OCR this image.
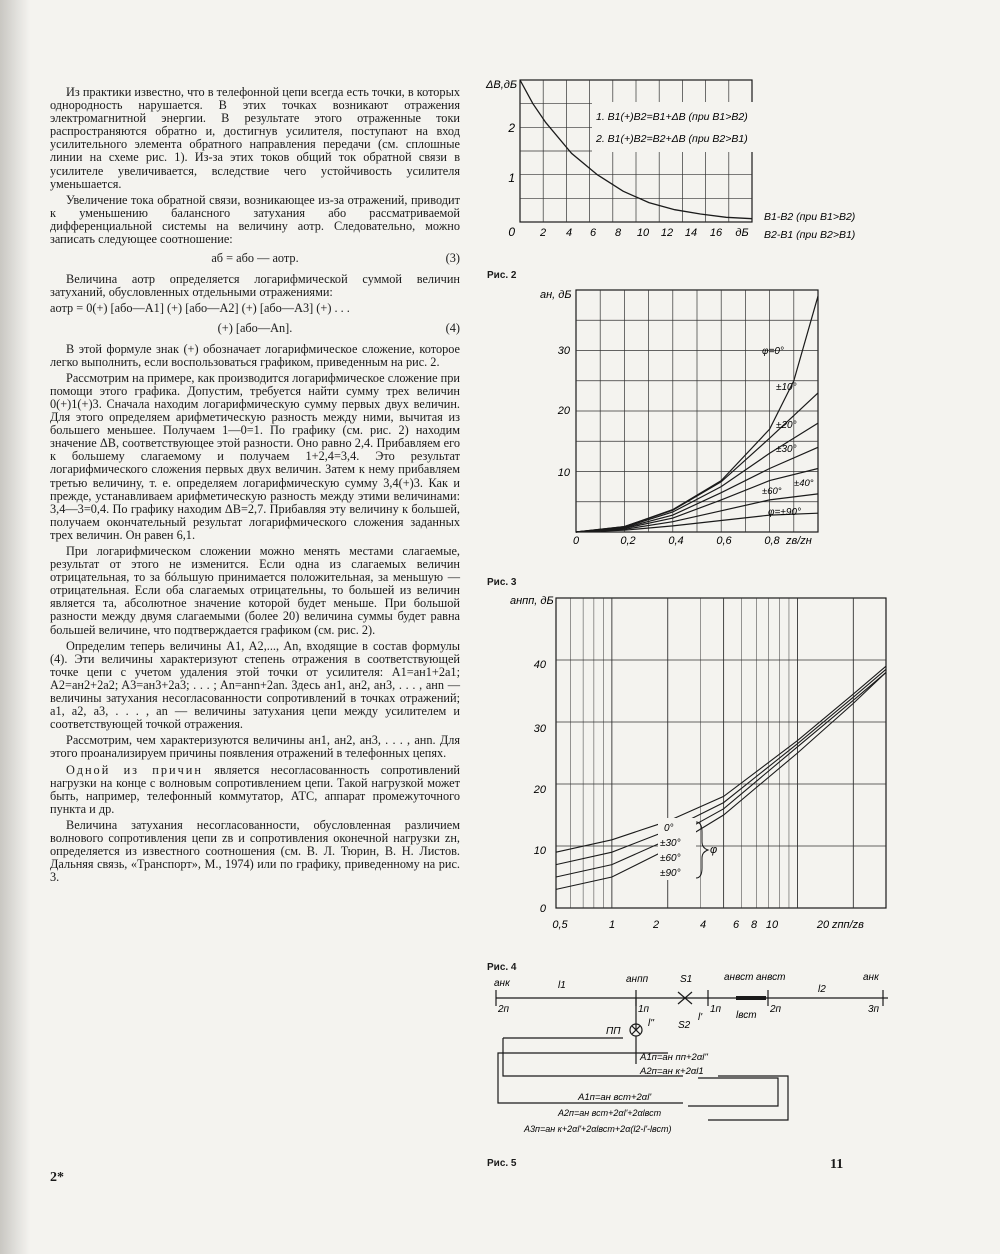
Из практики известно, что в телефонной цепи всегда есть точки, в которых однородность нарушается. В этих точках возникают отражения электромагнитной энергии. В результате этого отраженные токи распространяются обратно и, достигнув усилителя, поступают на вход усилительного элемента обратного направления передачи (см. сплошные линии на схеме рис. 1). Из-за этих токов общий ток обратной связи в усилителе увеличивается, вследствие чего устойчивость усилителя уменьшается.

Увеличение тока обратной связи, возникающее из-за отражений, приводит к уменьшению балансного затухания aбо рассматриваемой дифференциальной системы на величину aотр. Следовательно, можно записать следующее соотношение:

aб = aбо — aотр.	(3)

Величина aотр определяется логарифмической суммой величин затуханий, обусловленных отдельными отражениями:

aотр = 0(+) [aбо—A1] (+) [aбо—A2] (+) [aбо—A3] (+) . . .

(+) [aбо—An].	(4)

В этой формуле знак (+) обозначает логарифмическое сложение, которое легко выполнить, если воспользоваться графиком, приведенным на рис. 2.

Рассмотрим на примере, как производится логарифмическое сложение при помощи этого графика. Допустим, требуется найти сумму трех величин 0(+)1(+)3. Сначала находим логарифмическую сумму первых двух величин. Для этого определяем арифметическую разность между ними, вычитая из большего меньшее. Получаем 1—0=1. По графику (см. рис. 2) находим значение ΔB, соответствующее этой разности. Оно равно 2,4. Прибавляем его к большему слагаемому и получаем 1+2,4=3,4. Это результат логарифмического сложения первых двух величин. Затем к нему прибавляем третью величину, т. е. определяем логарифмическую сумму 3,4(+)3. Как и прежде, устанавливаем арифметическую разность между этими величинами: 3,4—3=0,4. По графику находим ΔB=2,7. Прибавляя эту величину к большей, получаем окончательный результат логарифмического сложения заданных трех величин. Он равен 6,1.

При логарифмическом сложении можно менять местами слагаемые, результат от этого не изменится. Если одна из слагаемых величин отрицательная, то за бóльшую принимается положительная, за меньшую — отрицательная. Если оба слагаемых отрицательны, то большей из величин является та, абсолютное значение которой будет меньше. При большой разности между двумя слагаемыми (более 20) величина суммы будет равна большей величине, что подтверждается графиком (см. рис. 2).

Определим теперь величины A1, A2,..., An, входящие в состав формулы (4). Эти величины характеризуют степень отражения в соответствующей точке цепи с учетом удаления этой точки от усилителя: A1=aн1+2a1; A2=aн2+2a2; A3=aн3+2a3; . . . ; An=aнn+2an. Здесь aн1, aн2, aн3, . . . , aнn — величины затухания несогласованности сопротивлений в точках отражений; a1, a2, a3, . . . , an — величины затухания цепи между усилителем и соответствующей точкой отражения.

Рассмотрим, чем характеризуются величины aн1, aн2, aн3, . . . , aнn. Для этого проанализируем причины появления отражений в телефонных цепях.

Одной из причин является несогласованность сопротивлений нагрузки на конце с волновым сопротивлением цепи. Такой нагрузкой может быть, например, телефонный коммутатор, АТС, аппарат промежуточного пункта и др.

Величина затухания несогласованности, обусловленная различием волнового сопротивления цепи zв и сопротивления оконечной нагрузки zн, определяется из известного соотношения (см. В. Л. Тюрин, В. Н. Листов. Дальняя связь, «Транспорт», М., 1974) или по графику, приведенному на рис. 3.

2*
11
ΔB,дБ
2
1
0 2 4 6 8 10 12 14 16 дБ
1. B1(+)B2=B1+ΔB (при B1>B2)
2. B1(+)B2=B2+ΔB (при B2>B1)
B1-B2 (при B1>B2)
B2-B1 (при B2>B1)
Рис. 2
aн, дБ
30
20
10
0	0,2	0,4	0,6	0,8 zв/zн
φ=0°
±10°
±20°
±30°
±60°
±40°
φ=±90°
Рис. 3
aнпп, дБ
40
30
20
10
0
0,5	1	2	4 6 8 10	20 zпп/zв
0°
±30°
±60°
±90°
φ
Рис. 4
aнк	l1
aнпп	S1	aнвст aнвст
l2
aнк
2п	1п	1п	2п	3п
ПП
l''
l'
S2
lвст
A1п=aн пп+2αl''
A2п=aн к+2αl1
A1п=aн вст+2αl'
A2п=aн вст+2αl'+2αlвст
A3п=aн к+2αl'+2αlвст+2α(l2-l'-lвст)
Рис. 5
